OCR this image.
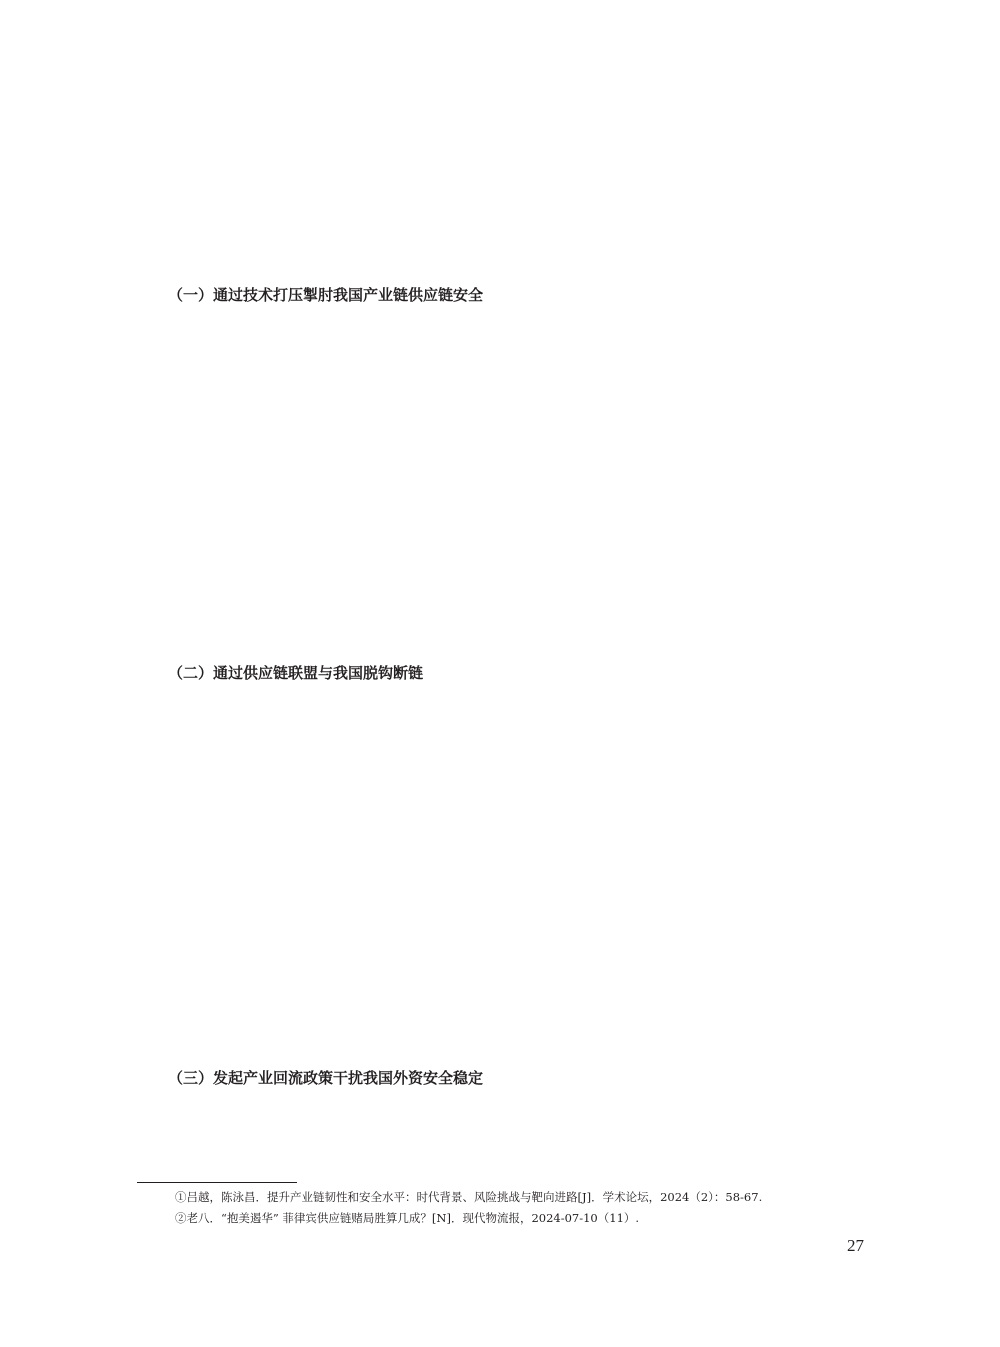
（一）通过技术打压掣肘我国产业链供应链安全

（二）通过供应链联盟与我国脱钩断链

（三）发起产业回流政策干扰我国外资安全稳定

①吕越，陈泳昌．提升产业链韧性和安全水平：时代背景、风险挑战与靶向进路[J]．学术论坛，2024（2）：58-67.

②老八．“抱美遏华” 菲律宾供应链赌局胜算几成？[N]．现代物流报，2024-07-10（11）.

27
